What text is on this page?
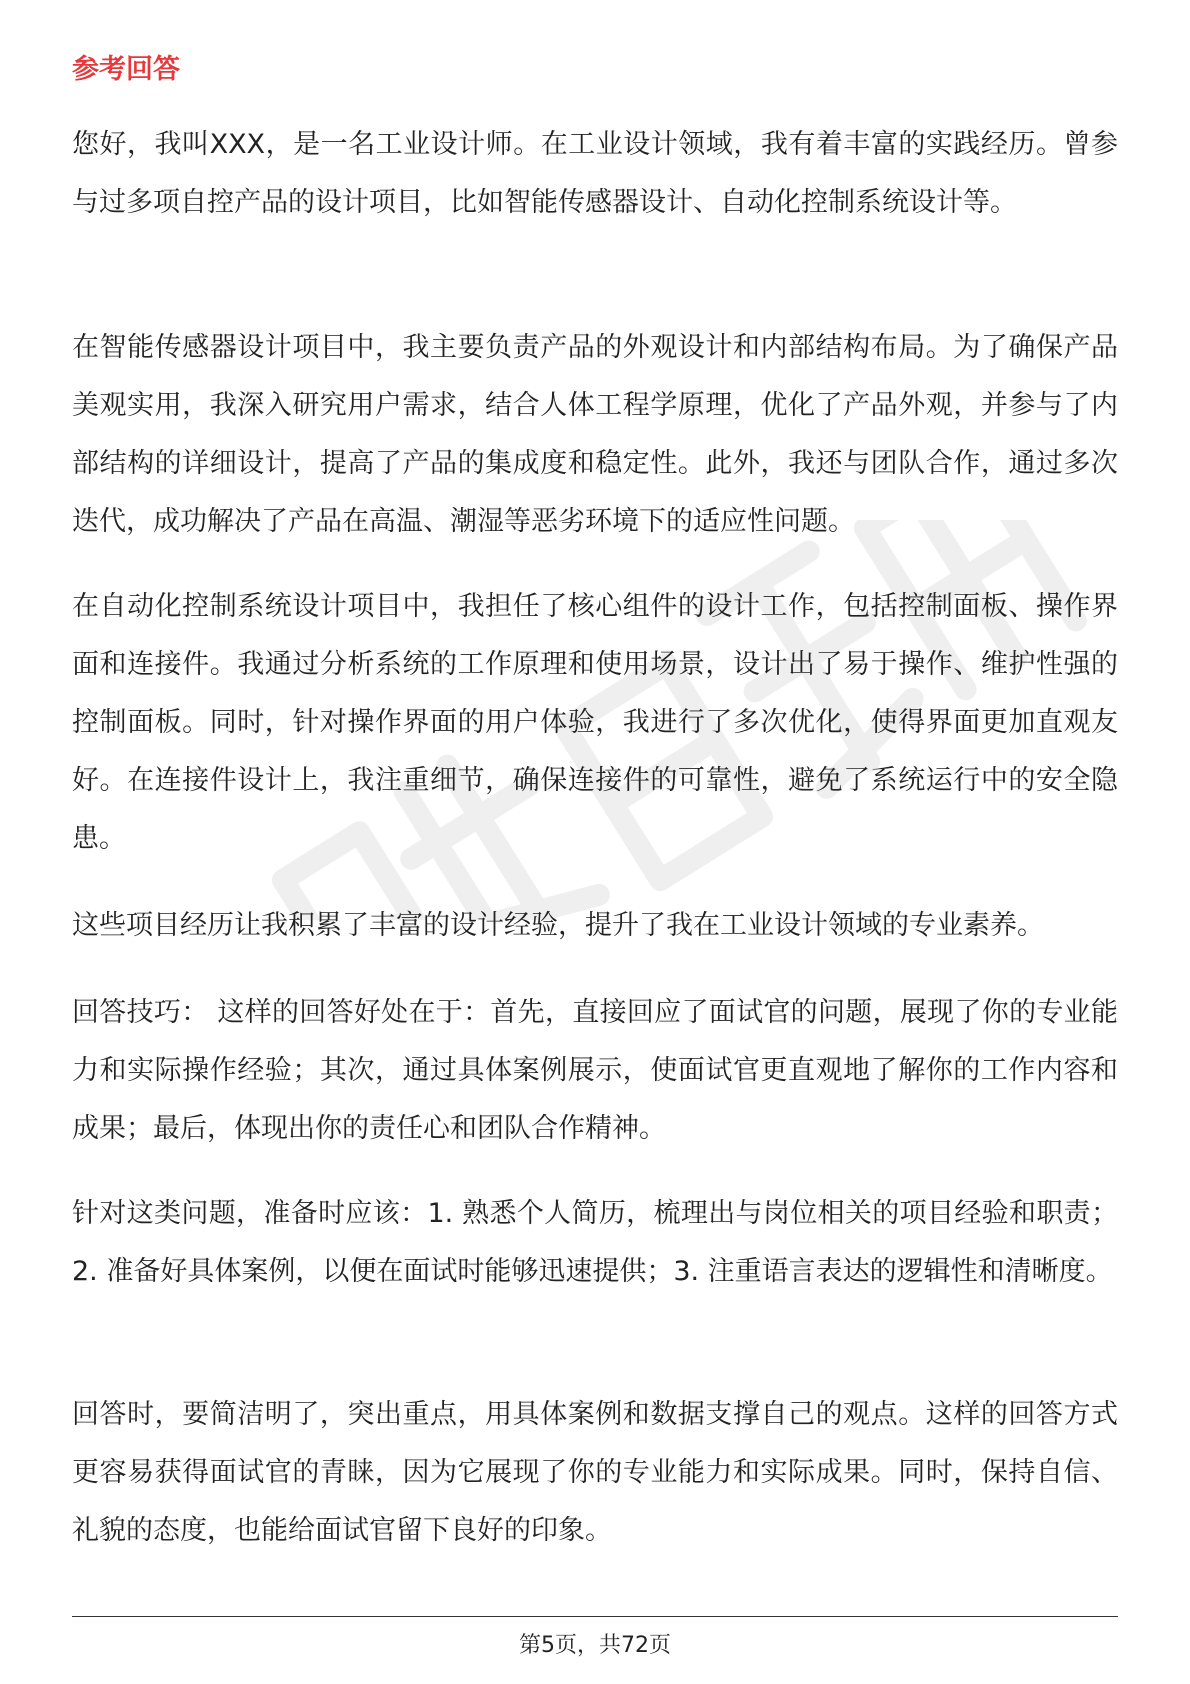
参考回答

您好，我叫XXX，是一名工业设计师。在工业设计领域，我有着丰富的实践经历。曾参与过多项自控产品的设计项目，比如智能传感器设计、自动化控制系统设计等。

在智能传感器设计项目中，我主要负责产品的外观设计和内部结构布局。为了确保产品美观实用，我深入研究用户需求，结合人体工程学原理，优化了产品外观，并参与了内部结构的详细设计，提高了产品的集成度和稳定性。此外，我还与团队合作，通过多次迭代，成功解决了产品在高温、潮湿等恶劣环境下的适应性问题。

在自动化控制系统设计项目中，我担任了核心组件的设计工作，包括控制面板、操作界面和连接件。我通过分析系统的工作原理和使用场景，设计出了易于操作、维护性强的控制面板。同时，针对操作界面的用户体验，我进行了多次优化，使得界面更加直观友好。在连接件设计上，我注重细节，确保连接件的可靠性，避免了系统运行中的安全隐患。

这些项目经历让我积累了丰富的设计经验，提升了我在工业设计领域的专业素养。

回答技巧： 这样的回答好处在于：首先，直接回应了面试官的问题，展现了你的专业能力和实际操作经验；其次，通过具体案例展示，使面试官更直观地了解你的工作内容和成果；最后，体现出你的责任心和团队合作精神。

针对这类问题，准备时应该：1. 熟悉个人简历，梳理出与岗位相关的项目经验和职责；2. 准备好具体案例，以便在面试时能够迅速提供；3. 注重语言表达的逻辑性和清晰度。

回答时，要简洁明了，突出重点，用具体案例和数据支撑自己的观点。这样的回答方式更容易获得面试官的青睐，因为它展现了你的专业能力和实际成果。同时，保持自信、礼貌的态度，也能给面试官留下良好的印象。

第5页，共72页
